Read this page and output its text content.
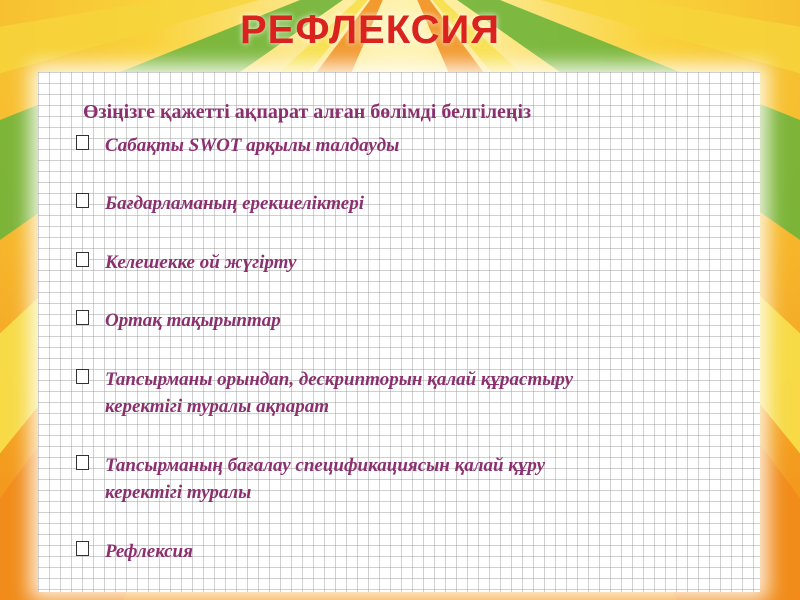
РЕФЛЕКСИЯ
Өзіңізге қажетті ақпарат алған бөлімді белгілеңіз
Сабақты SWOT арқылы талдауды
Бағдарламаның ерекшеліктері
Келешекке ой жүгірту
Ортақ тақырыптар
Тапсырманы орындап, дескрипторын қалай құрастыру
керектігі туралы ақпарат
Тапсырманың бағалау спецификациясын қалай құру
керектігі туралы
Рефлексия
